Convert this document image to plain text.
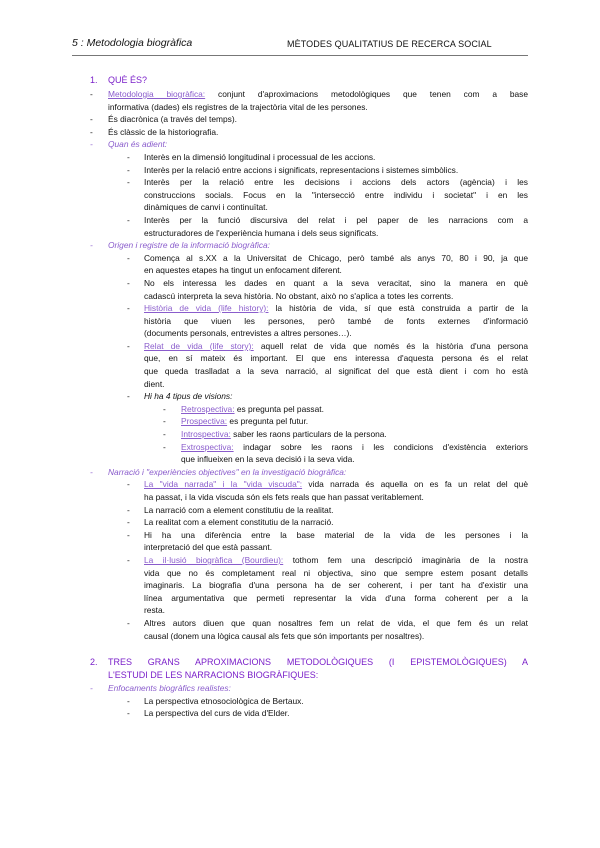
5 : Metodologia biogràfica	MÈTODES QUALITATIUS DE RECERCA SOCIAL
1. QUÈ ÉS?
- Metodologia biogràfica: conjunt d'aproximacions metodològiques que tenen com a base
informativa (dades) els registres de la trajectòria vital de les persones.
- És diacrònica (a través del temps).
- És clàssic de la historiografia.
- Quan és adient:
- Interès en la dimensió longitudinal i processual de les accions.
- Interès per la relació entre accions i significats, representacions i sistemes simbòlics.
- Interès per la relació entre les decisions i accions dels actors (agència) i les
construccions socials. Focus en la "intersecció entre individu i societat" i en les
dinàmiques de canvi i continuïtat.
- Interès per la funció discursiva del relat i pel paper de les narracions com a
estructuradores de l'experiència humana i dels seus significats.
- Origen i registre de la informació biogràfica:
- Comença al s.XX a la Universitat de Chicago, però també als anys 70, 80 i 90, ja que
en aquestes etapes ha tingut un enfocament diferent.
- No els interessa les dades en quant a la seva veracitat, sino la manera en què
cadascú interpreta la seva història. No obstant, això no s'aplica a totes les corrents.
- Història de vida (life history): la història de vida, sí que està construida a partir de la
història que viuen les persones, però també de fonts externes d'informació
(documents personals, entrevistes a altres persones…).
- Relat de vida (life story): aquell relat de vida que només és la història d'una persona
que, en sí mateix és important. El que ens interessa d'aquesta persona és el relat
que queda traslladat a la seva narració, al significat del que està dient i com ho està
dient.
- Hi ha 4 tipus de visions:
- Retrospectiva: es pregunta pel passat.
- Prospectiva: es pregunta pel futur.
- Introspectiva: saber les raons particulars de la persona.
- Extrospectiva: indagar sobre les raons i les condicions d'existència exteriors
que influeixen en la seva decisió i la seva vida.
- Narració i "experiències objectives" en la investigació biogràfica:
- La "vida narrada" i la "vida viscuda": vida narrada és aquella on es fa un relat del què
ha passat, i la vida viscuda són els fets reals que han passat veritablement.
- La narració com a element constitutiu de la realitat.
- La realitat com a element constitutiu de la narració.
- Hi ha una diferència entre la base material de la vida de les persones i la
interpretació del que està passant.
- La il·lusió biogràfica (Bourdieu): tothom fem una descripció imaginària de la nostra
vida que no és completament real ni objectiva, sino que sempre estem posant detalls
imaginaris. La biografia d'una persona ha de ser coherent, i per tant ha d'existir una
línea argumentativa que permeti representar la vida d'una forma coherent per a la
resta.
- Altres autors diuen que quan nosaltres fem un relat de vida, el que fem és un relat
causal (donem una lògica causal als fets que són importants per nosaltres).
2. TRES GRANS APROXIMACIONS METODOLÒGIQUES (I EPISTEMOLÒGIQUES) A
L'ESTUDI DE LES NARRACIONS BIOGRÀFIQUES:
- Enfocaments biogràfics realistes:
- La perspectiva etnosociològica de Bertaux.
- La perspectiva del curs de vida d'Elder.
